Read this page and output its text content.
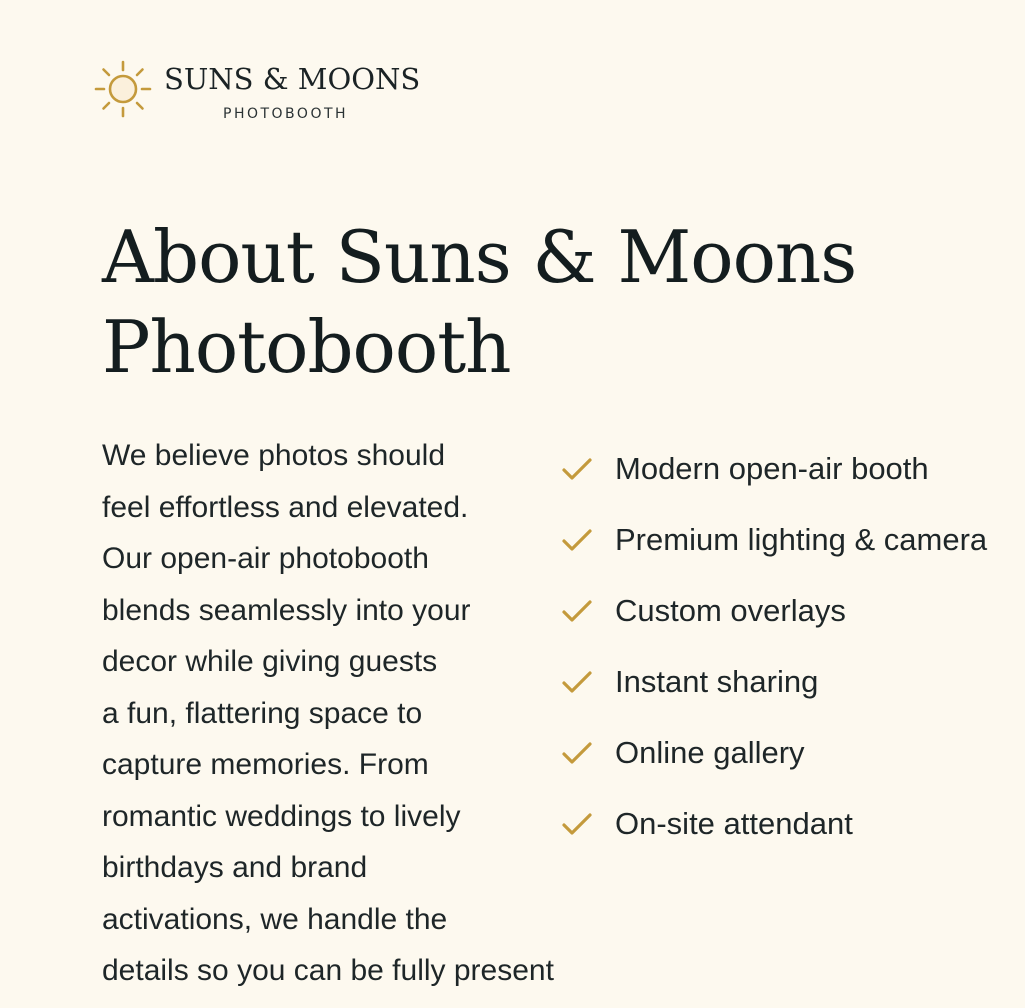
SUNS & MOONS
PHOTOBOOTH
About Suns & Moons
Photobooth

We believe photos should
feel effortless and elevated.
Our open-air photobooth
blends seamlessly into your
decor while giving guests
a fun, flattering space to
capture memories. From
romantic weddings to lively
birthdays and brand
activations, we handle the
details so you can be fully present

Modern open-air booth
Premium lighting & camera
Custom overlays
Instant sharing
Online gallery
On-site attendant
